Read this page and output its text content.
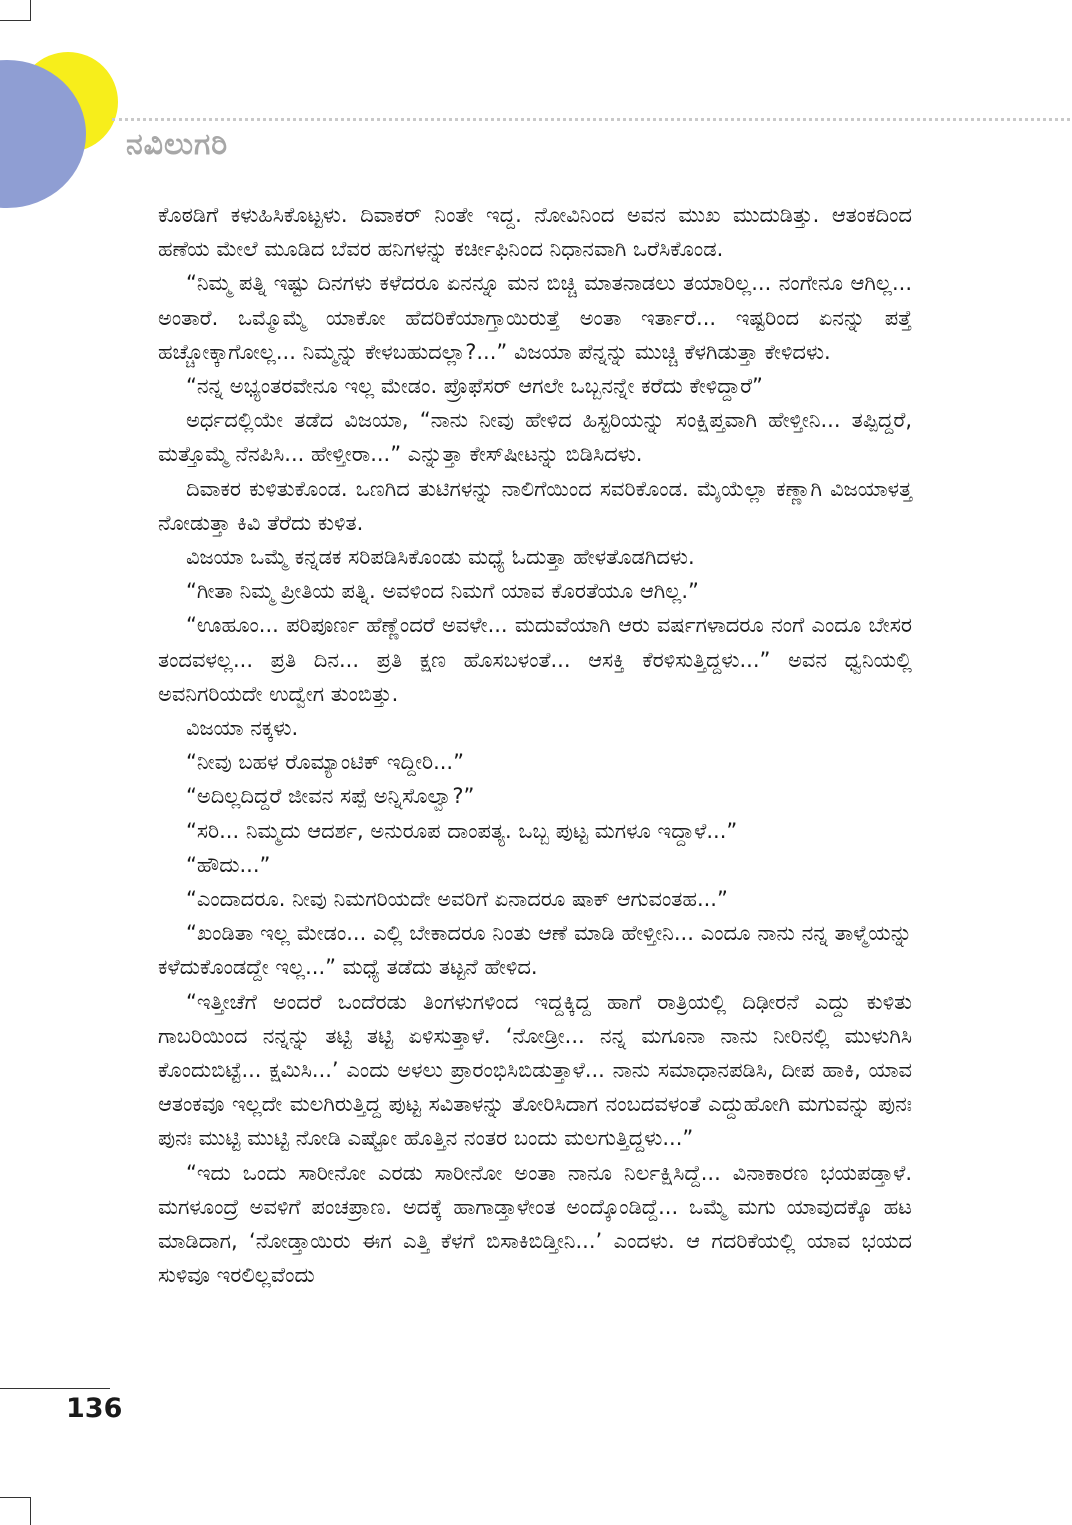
ನವಿಲುಗರಿ

ಕೊಠಡಿಗೆ ಕಳುಹಿಸಿಕೊಟ್ಟಳು. ದಿವಾಕರ್ ನಿಂತೇ ಇದ್ದ. ನೋವಿನಿಂದ ಅವನ ಮುಖ ಮುದುಡಿತ್ತು. ಆತಂಕದಿಂದ ಹಣೆಯ ಮೇಲೆ ಮೂಡಿದ ಬೆವರ ಹನಿಗಳನ್ನು ಕರ್ಚೀಫಿನಿಂದ ನಿಧಾನವಾಗಿ ಒರೆಸಿಕೊಂಡ.

“ನಿಮ್ಮ ಪತ್ನಿ ಇಷ್ಟು ದಿನಗಳು ಕಳೆದರೂ ಏನನ್ನೂ ಮನ ಬಿಚ್ಚಿ ಮಾತನಾಡಲು ತಯಾರಿಲ್ಲ... ನಂಗೇನೂ ಆಗಿಲ್ಲ... ಅಂತಾರೆ. ಒಮ್ಮೊಮ್ಮೆ ಯಾಕೋ ಹೆದರಿಕೆಯಾಗ್ತಾಯಿರುತ್ತೆ ಅಂತಾ ಇರ್ತಾರೆ... ಇಷ್ಟರಿಂದ ಏನನ್ನು ಪತ್ತೆ ಹಚ್ಚೋಕ್ಕಾಗೋಲ್ಲ... ನಿಮ್ಮನ್ನು ಕೇಳಬಹುದಲ್ಲಾ?...” ವಿಜಯಾ ಪೆನ್ನನ್ನು ಮುಚ್ಚಿ ಕೆಳಗಿಡುತ್ತಾ ಕೇಳಿದಳು.

“ನನ್ನ ಅಭ್ಯಂತರವೇನೂ ಇಲ್ಲ ಮೇಡಂ. ಪ್ರೊಫೆಸರ್ ಆಗಲೇ ಒಬ್ಬನನ್ನೇ ಕರೆದು ಕೇಳಿದ್ದಾರೆ”

ಅರ್ಧದಲ್ಲಿಯೇ ತಡೆದ ವಿಜಯಾ, “ನಾನು ನೀವು ಹೇಳಿದ ಹಿಸ್ಟರಿಯನ್ನು ಸಂಕ್ಷಿಪ್ತವಾಗಿ ಹೇಳ್ತೀನಿ... ತಪ್ಪಿದ್ದರೆ, ಮತ್ತೊಮ್ಮೆ ನೆನಪಿಸಿ... ಹೇಳ್ತೀರಾ...” ಎನ್ನುತ್ತಾ ಕೇಸ್‌ಷೀಟನ್ನು ಬಿಡಿಸಿದಳು.

ದಿವಾಕರ ಕುಳಿತುಕೊಂಡ. ಒಣಗಿದ ತುಟಿಗಳನ್ನು ನಾಲಿಗೆಯಿಂದ ಸವರಿಕೊಂಡ. ಮೈಯೆಲ್ಲಾ ಕಣ್ಣಾಗಿ ವಿಜಯಾಳತ್ತ ನೋಡುತ್ತಾ ಕಿವಿ ತೆರೆದು ಕುಳಿತ.

ವಿಜಯಾ ಒಮ್ಮೆ ಕನ್ನಡಕ ಸರಿಪಡಿಸಿಕೊಂಡು ಮಧ್ಯೆ ಓದುತ್ತಾ ಹೇಳತೊಡಗಿದಳು.

“ಗೀತಾ ನಿಮ್ಮ ಪ್ರೀತಿಯ ಪತ್ನಿ. ಅವಳಿಂದ ನಿಮಗೆ ಯಾವ ಕೊರತೆಯೂ ಆಗಿಲ್ಲ.”

“ಊಹೂಂ... ಪರಿಪೂರ್ಣ ಹೆಣ್ಣೆಂದರೆ ಅವಳೇ... ಮದುವೆಯಾಗಿ ಆರು ವರ್ಷಗಳಾದರೂ ನಂಗೆ ಎಂದೂ ಬೇಸರ ತಂದವಳಲ್ಲ... ಪ್ರತಿ ದಿನ... ಪ್ರತಿ ಕ್ಷಣ ಹೊಸಬಳಂತೆ... ಆಸಕ್ತಿ ಕೆರಳಿಸುತ್ತಿದ್ದಳು...” ಅವನ ಧ್ವನಿಯಲ್ಲಿ ಅವನಿಗರಿಯದೇ ಉದ್ವೇಗ ತುಂಬಿತ್ತು.

ವಿಜಯಾ ನಕ್ಕಳು.

“ನೀವು ಬಹಳ ರೊಮ್ಯಾಂಟಿಕ್ ಇದ್ದೀರಿ...”

“ಅದಿಲ್ಲದಿದ್ದರೆ ಜೀವನ ಸಪ್ಪೆ ಅನ್ನಿಸೊಲ್ವಾ?”

“ಸರಿ... ನಿಮ್ಮದು ಆದರ್ಶ, ಅನುರೂಪ ದಾಂಪತ್ಯ. ಒಬ್ಬ ಪುಟ್ಟ ಮಗಳೂ ಇದ್ದಾಳೆ...”

“ಹೌದು...”

“ಎಂದಾದರೂ. ನೀವು ನಿಮಗರಿಯದೇ ಅವರಿಗೆ ಏನಾದರೂ ಷಾಕ್ ಆಗುವಂತಹ...”

“ಖಂಡಿತಾ ಇಲ್ಲ ಮೇಡಂ... ಎಲ್ಲಿ ಬೇಕಾದರೂ ನಿಂತು ಆಣೆ ಮಾಡಿ ಹೇಳ್ತೀನಿ... ಎಂದೂ ನಾನು ನನ್ನ ತಾಳ್ಮೆಯನ್ನು ಕಳೆದುಕೊಂಡದ್ದೇ ಇಲ್ಲ...” ಮಧ್ಯೆ ತಡೆದು ತಟ್ಟನೆ ಹೇಳಿದ.

“ಇತ್ತೀಚೆಗೆ ಅಂದರೆ ಒಂದೆರಡು ತಿಂಗಳುಗಳಿಂದ ಇದ್ದಕ್ಕಿದ್ದ ಹಾಗೆ ರಾತ್ರಿಯಲ್ಲಿ ದಿಢೀರನೆ ಎದ್ದು ಕುಳಿತು ಗಾಬರಿಯಿಂದ ನನ್ನನ್ನು ತಟ್ಟಿ ತಟ್ಟಿ ಏಳಿಸುತ್ತಾಳೆ. ‘ನೋಡ್ರೀ... ನನ್ನ ಮಗೂನಾ ನಾನು ನೀರಿನಲ್ಲಿ ಮುಳುಗಿಸಿ ಕೊಂದುಬಿಟ್ಟೆ... ಕ್ಷಮಿಸಿ...’ ಎಂದು ಅಳಲು ಪ್ರಾರಂಭಿಸಿಬಿಡುತ್ತಾಳೆ... ನಾನು ಸಮಾಧಾನಪಡಿಸಿ, ದೀಪ ಹಾಕಿ, ಯಾವ ಆತಂಕವೂ ಇಲ್ಲದೇ ಮಲಗಿರುತ್ತಿದ್ದ ಪುಟ್ಟ ಸವಿತಾಳನ್ನು ತೋರಿಸಿದಾಗ ನಂಬದವಳಂತೆ ಎದ್ದುಹೋಗಿ ಮಗುವನ್ನು ಪುನಃ ಪುನಃ ಮುಟ್ಟಿ ಮುಟ್ಟಿ ನೋಡಿ ಎಷ್ಟೋ ಹೊತ್ತಿನ ನಂತರ ಬಂದು ಮಲಗುತ್ತಿದ್ದಳು...”

“ಇದು ಒಂದು ಸಾರೀನೋ ಎರಡು ಸಾರೀನೋ ಅಂತಾ ನಾನೂ ನಿರ್ಲಕ್ಷಿಸಿದ್ದೆ... ವಿನಾಕಾರಣ ಭಯಪಡ್ತಾಳೆ. ಮಗಳೂಂದ್ರೆ ಅವಳಿಗೆ ಪಂಚಪ್ರಾಣ. ಅದಕ್ಕೆ ಹಾಗಾಡ್ತಾಳೇಂತ ಅಂದ್ಕೊಂಡಿದ್ದೆ... ಒಮ್ಮೆ ಮಗು ಯಾವುದಕ್ಕೊ ಹಟ ಮಾಡಿದಾಗ, ‘ನೋಡ್ತಾಯಿರು ಈಗ ಎತ್ತಿ ಕೆಳಗೆ ಬಿಸಾಕಿಬಿಡ್ತೀನಿ...’ ಎಂದಳು. ಆ ಗದರಿಕೆಯಲ್ಲಿ ಯಾವ ಭಯದ ಸುಳಿವೂ ಇರಲಿಲ್ಲವೆಂದು

136
